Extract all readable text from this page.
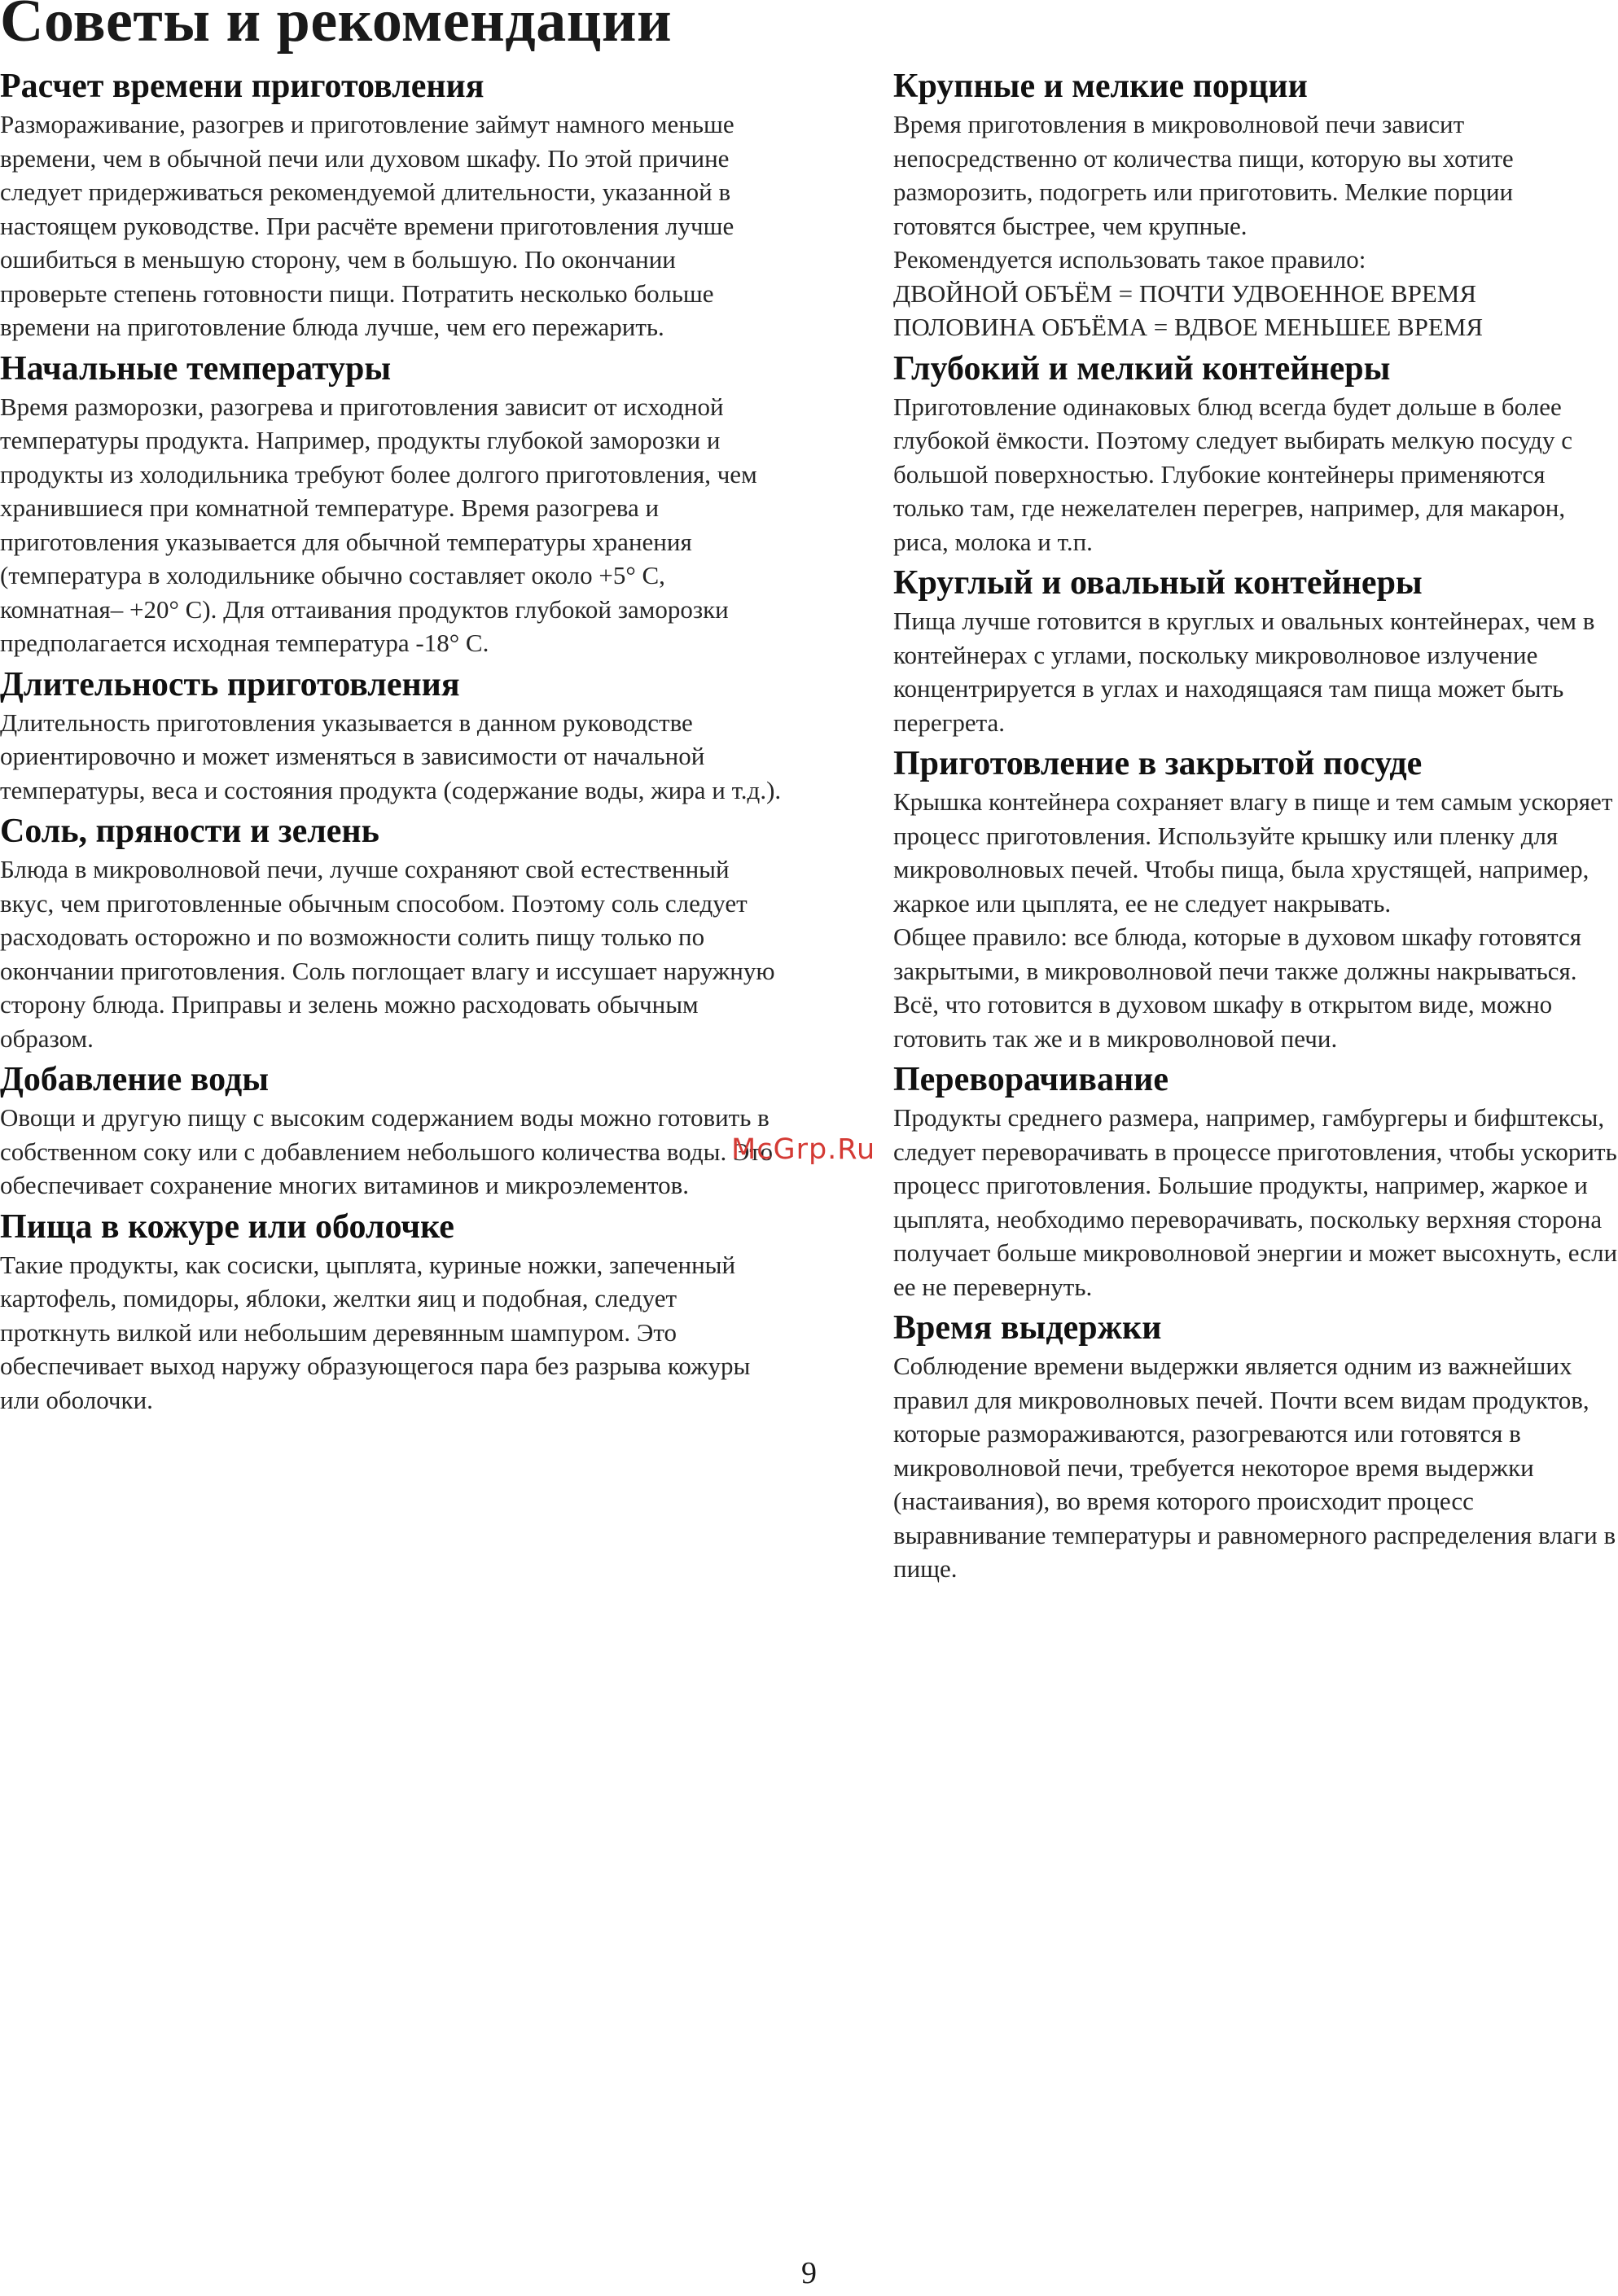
Советы и рекомендации
Расчет времени приготовления

Размораживание, разогрев и приготовление займут намного меньше времени, чем в обычной печи или духовом шкафу. По этой причине следует придерживаться рекомендуемой длительности, указанной в настоящем руководстве. При расчёте времени приготовления лучше ошибиться в меньшую сторону, чем в большую. По окончании проверьте степень готовности пищи. Потратить несколько больше времени на приготовление блюда лучше, чем его пережарить.

Начальные температуры

Время разморозки, разогрева и приготовления зависит от исходной температуры продукта. Например, продукты глубокой заморозки и продукты из холодильника требуют более долгого приготовления, чем хранившиеся при комнатной температуре. Время разогрева и приготовления указывается для обычной температуры хранения (температура в холодильнике обычно составляет около +5° С, комнатная– +20° С). Для оттаивания продуктов глубокой заморозки предполагается исходная температура -18° С.

Длительность приготовления

Длительность приготовления указывается в данном руководстве ориентировочно и может изменяться в зависимости от начальной температуры, веса и состояния продукта (содержание воды, жира и т.д.).

Соль, пряности и зелень

Блюда в микроволновой печи, лучше сохраняют свой естественный вкус, чем приготовленные обычным способом. Поэтому соль следует расходовать осторожно и по возможности солить пищу только по окончании приготовления. Соль поглощает влагу и иссушает наружную сторону блюда. Приправы и зелень можно расходовать обычным образом.

Добавление воды

Овощи и другую пищу с высоким содержанием воды можно готовить в собственном соку или с добавлением небольшого количества воды. Это обеспечивает сохранение многих витаминов и микроэлементов.

Пища в кожуре или оболочке

Такие продукты, как сосиски, цыплята, куриные ножки, запеченный картофель, помидоры, яблоки, желтки яиц и подобная, следует проткнуть вилкой или небольшим деревянным шампуром. Это обеспечивает выход наружу образующегося пара без разрыва кожуры или оболочки.

Крупные и мелкие порции

Время приготовления в микроволновой печи зависит непосредственно от количества пищи, которую вы хотите разморозить, подогреть или приготовить. Мелкие порции готовятся быстрее, чем крупные.

Рекомендуется использовать такое правило:

ДВОЙНОЙ ОБЪЁМ = ПОЧТИ УДВОЕННОЕ ВРЕМЯ

ПОЛОВИНА ОБЪЁМА = ВДВОЕ МЕНЬШЕЕ ВРЕМЯ

Глубокий и мелкий контейнеры

Приготовление одинаковых блюд всегда будет дольше в более глубокой ёмкости. Поэтому следует выбирать мелкую посуду с большой поверхностью. Глубокие контейнеры применяются только там, где нежелателен перегрев, например, для макарон, риса, молока и т.п.

Круглый и овальный контейнеры

Пища лучше готовится в круглых и овальных контейнерах, чем в контейнерах с углами, поскольку микроволновое излучение концентрируется в углах и находящаяся там пища может быть перегрета.

Приготовление в закрытой посуде

Крышка контейнера сохраняет влагу в пище и тем самым ускоряет процесс приготовления. Используйте крышку или пленку для микроволновых печей. Чтобы пища, была хрустящей, например, жаркое или цыплята, ее не следует накрывать.

Общее правило: все блюда, которые в духовом шкафу готовятся закрытыми, в микроволновой печи также должны накрываться. Всё, что готовится в духовом шкафу в открытом виде, можно готовить так же и в микроволновой печи.

Переворачивание

Продукты среднего размера, например, гамбургеры и бифштексы, следует переворачивать в процессе приготовления, чтобы ускорить процесс приготовления. Большие продукты, например, жаркое и цыплята, необходимо переворачивать, поскольку верхняя сторона получает больше микроволновой энергии и может высохнуть, если ее не перевернуть.

Время выдержки

Соблюдение времени выдержки является одним из важнейших правил для микроволновых печей. Почти всем видам продуктов, которые размораживаются, разогреваются или готовятся в микроволновой печи, требуется некоторое время выдержки (настаивания), во время которого происходит процесс выравнивание температуры и равномерного распределения влаги в пище.

McGrp.Ru
9
